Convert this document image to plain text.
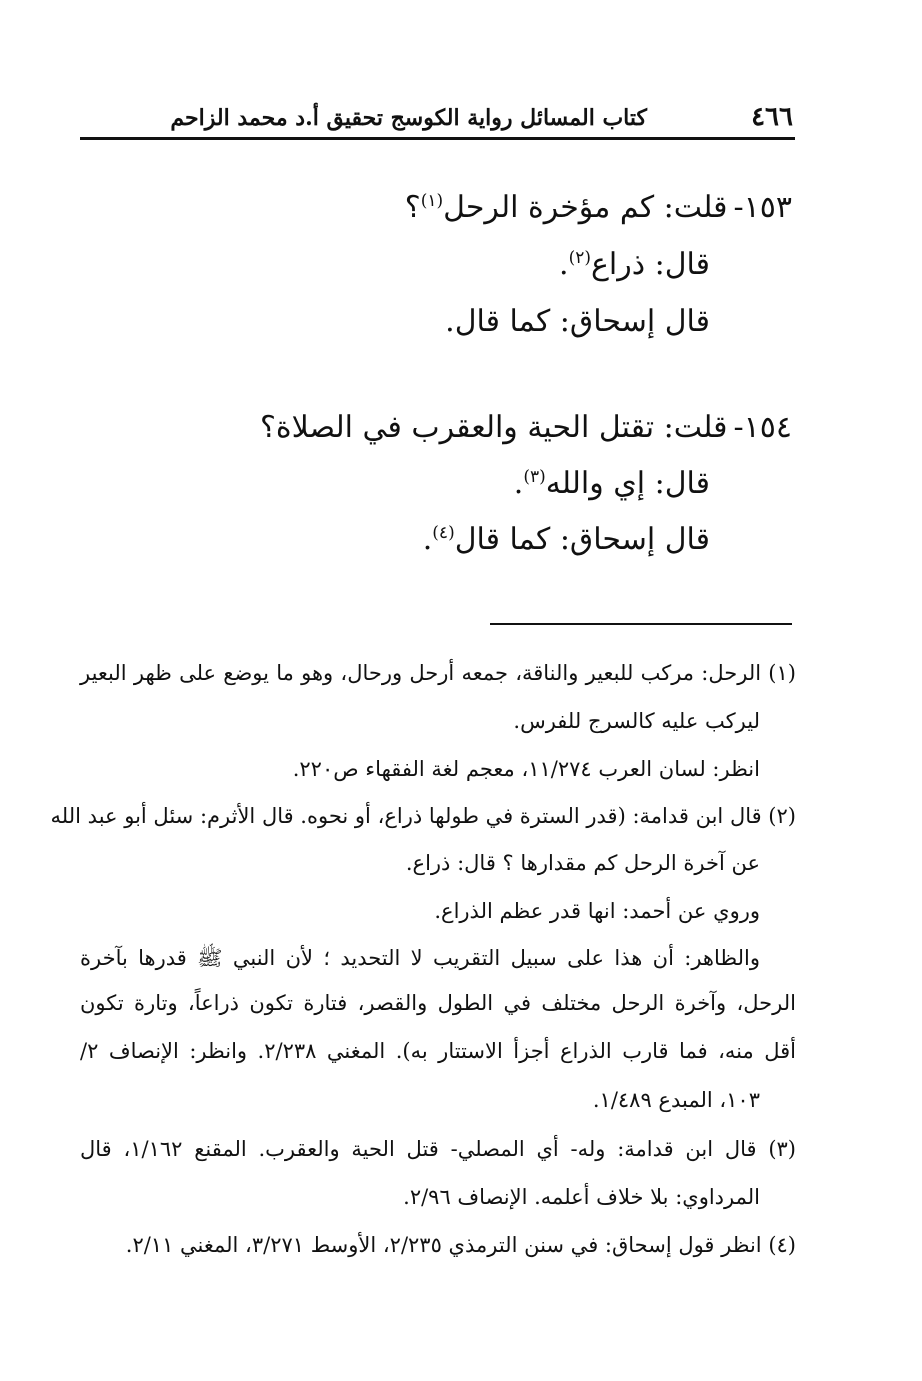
٤٦٦
كتاب المسائل رواية الكوسج تحقيق أ.د محمد الزاحم
١٥٣-قلت: كم مؤخرة الرحل$^{(١)}$؟
قال: ذراع$^{(٢)}$.
قال إسحاق: كما قال.
١٥٤-قلت: تقتل الحية والعقرب في الصلاة؟
قال: إي والله$^{(٣)}$.
قال إسحاق: كما قال$^{(٤)}$.
(١) الرحل: مركب للبعير والناقة، جمعه أرحل ورحال، وهو ما يوضع على ظهر البعير
ليركب عليه كالسرج للفرس.
انظر: لسان العرب ١١/٢٧٤، معجم لغة الفقهاء ص٢٢٠.
(٢) قال ابن قدامة: (قدر السترة في طولها ذراع، أو نحوه. قال الأثرم: سئل أبو عبد الله
عن آخرة الرحل كم مقدارها ؟ قال: ذراع.
وروي عن أحمد: انها قدر عظم الذراع.
والظاهر: أن هذا على سبيل التقريب لا التحديد ؛ لأن النبي ﷺ قدرها بآخرة
الرحل، وآخرة الرحل مختلف في الطول والقصر، فتارة تكون ذراعاً، وتارة تكون
أقل منه، فما قارب الذراع أجزأ الاستتار به). المغني ٢/٢٣٨. وانظر: الإنصاف ٢/
١٠٣، المبدع ١/٤٨٩.
(٣) قال ابن قدامة: وله- أي المصلي- قتل الحية والعقرب. المقنع ١/١٦٢، قال
المرداوي: بلا خلاف أعلمه. الإنصاف ٢/٩٦.
(٤) انظر قول إسحاق: في سنن الترمذي ٢/٢٣٥، الأوسط ٣/٢٧١، المغني ٢/١١.
